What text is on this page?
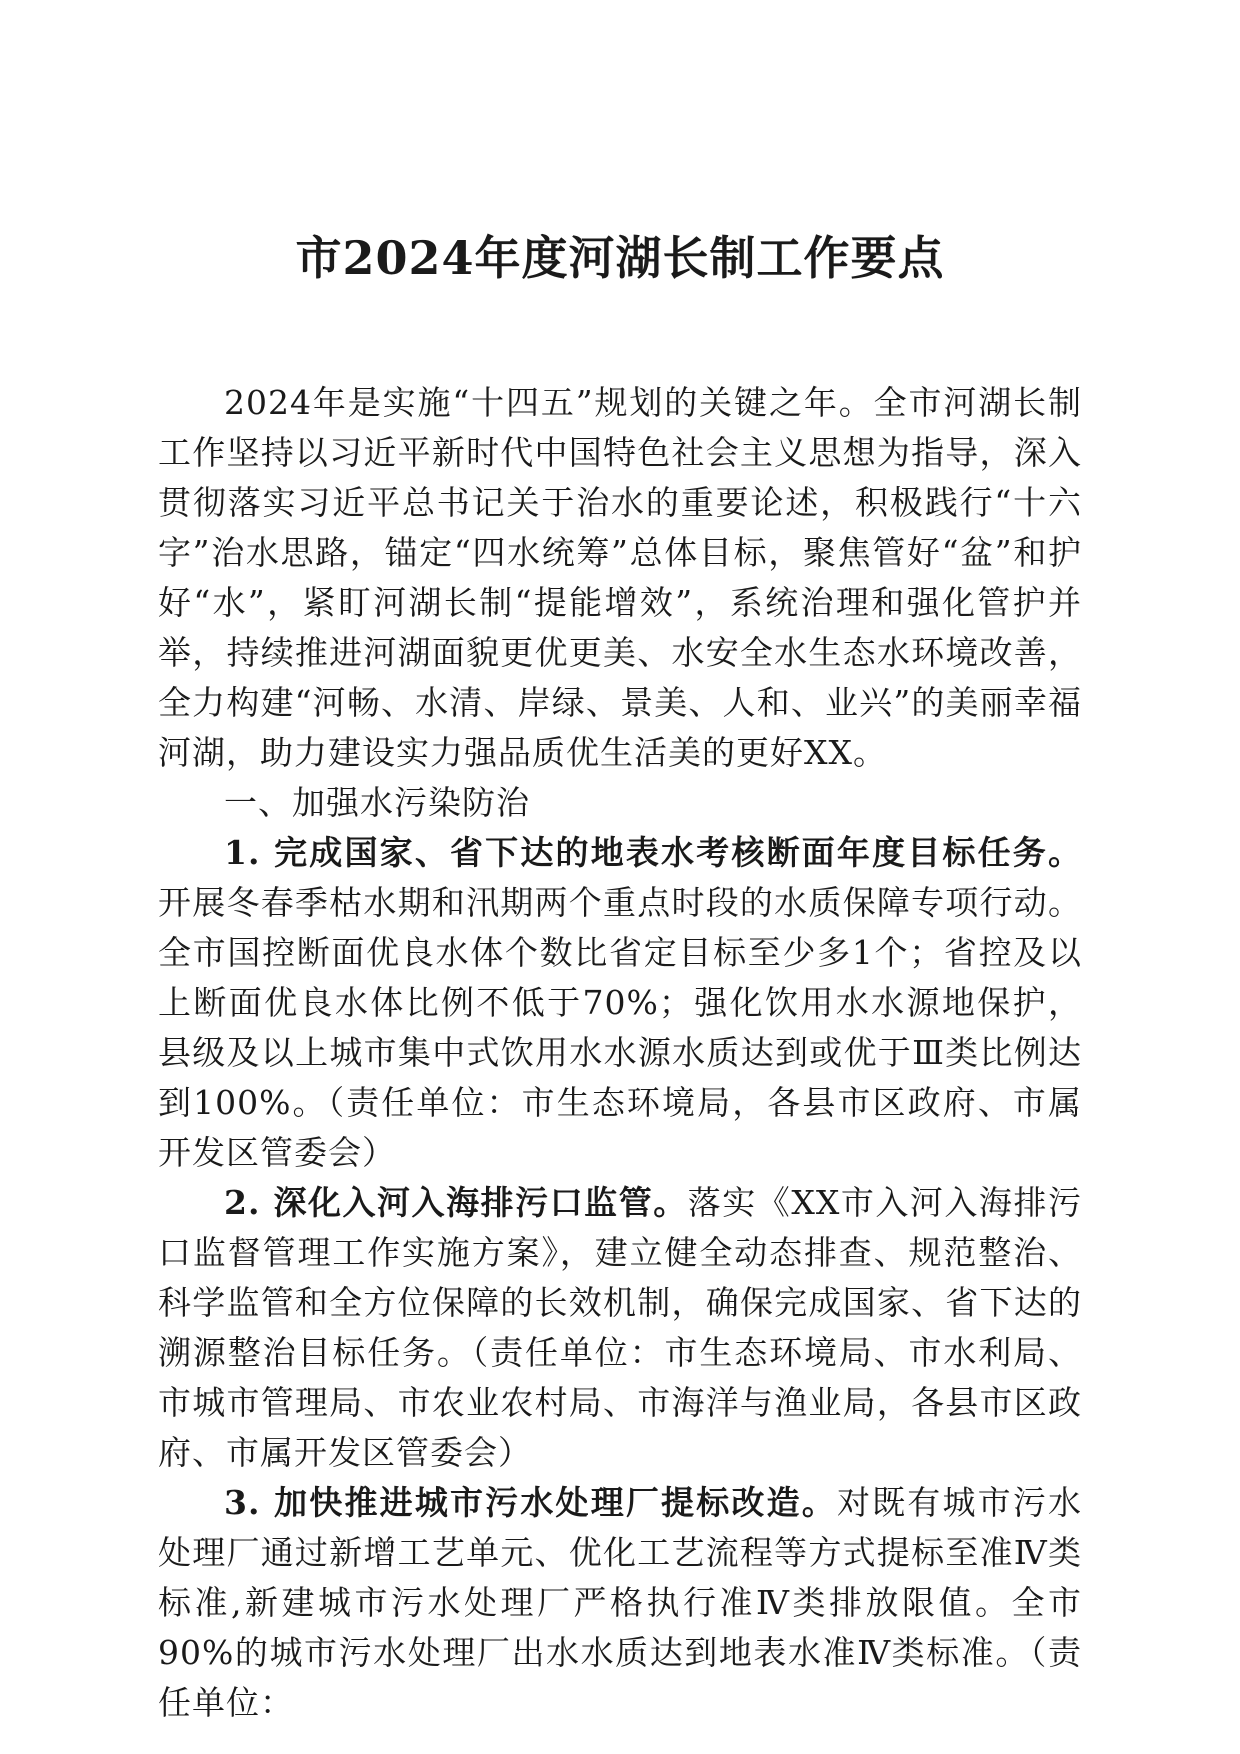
市2024年度河湖长制工作要点

2024年是实施“十四五”规划的关键之年。全市河湖长制工作坚持以习近平新时代中国特色社会主义思想为指导，深入贯彻落实习近平总书记关于治水的重要论述，积极践行“十六字”治水思路，锚定“四水统筹”总体目标，聚焦管好“盆”和护好“水”，紧盯河湖长制“提能增效”，系统治理和强化管护并举，持续推进河湖面貌更优更美、水安全水生态水环境改善，全力构建“河畅、水清、岸绿、景美、人和、业兴”的美丽幸福河湖，助力建设实力强品质优生活美的更好XX。

一、加强水污染防治

1. 完成国家、省下达的地表水考核断面年度目标任务。开展冬春季枯水期和汛期两个重点时段的水质保障专项行动。全市国控断面优良水体个数比省定目标至少多1个；省控及以上断面优良水体比例不低于70%；强化饮用水水源地保护，县级及以上城市集中式饮用水水源水质达到或优于Ⅲ类比例达到100%。（责任单位：市生态环境局，各县市区政府、市属开发区管委会）

2. 深化入河入海排污口监管。落实《XX市入河入海排污口监督管理工作实施方案》，建立健全动态排查、规范整治、科学监管和全方位保障的长效机制，确保完成国家、省下达的溯源整治目标任务。（责任单位：市生态环境局、市水利局、市城市管理局、市农业农村局、市海洋与渔业局，各县市区政府、市属开发区管委会）

3. 加快推进城市污水处理厂提标改造。对既有城市污水处理厂通过新增工艺单元、优化工艺流程等方式提标至准Ⅳ类标准,新建城市污水处理厂严格执行准Ⅳ类排放限值。全市90%的城市污水处理厂出水水质达到地表水准Ⅳ类标准。（责任单位：
